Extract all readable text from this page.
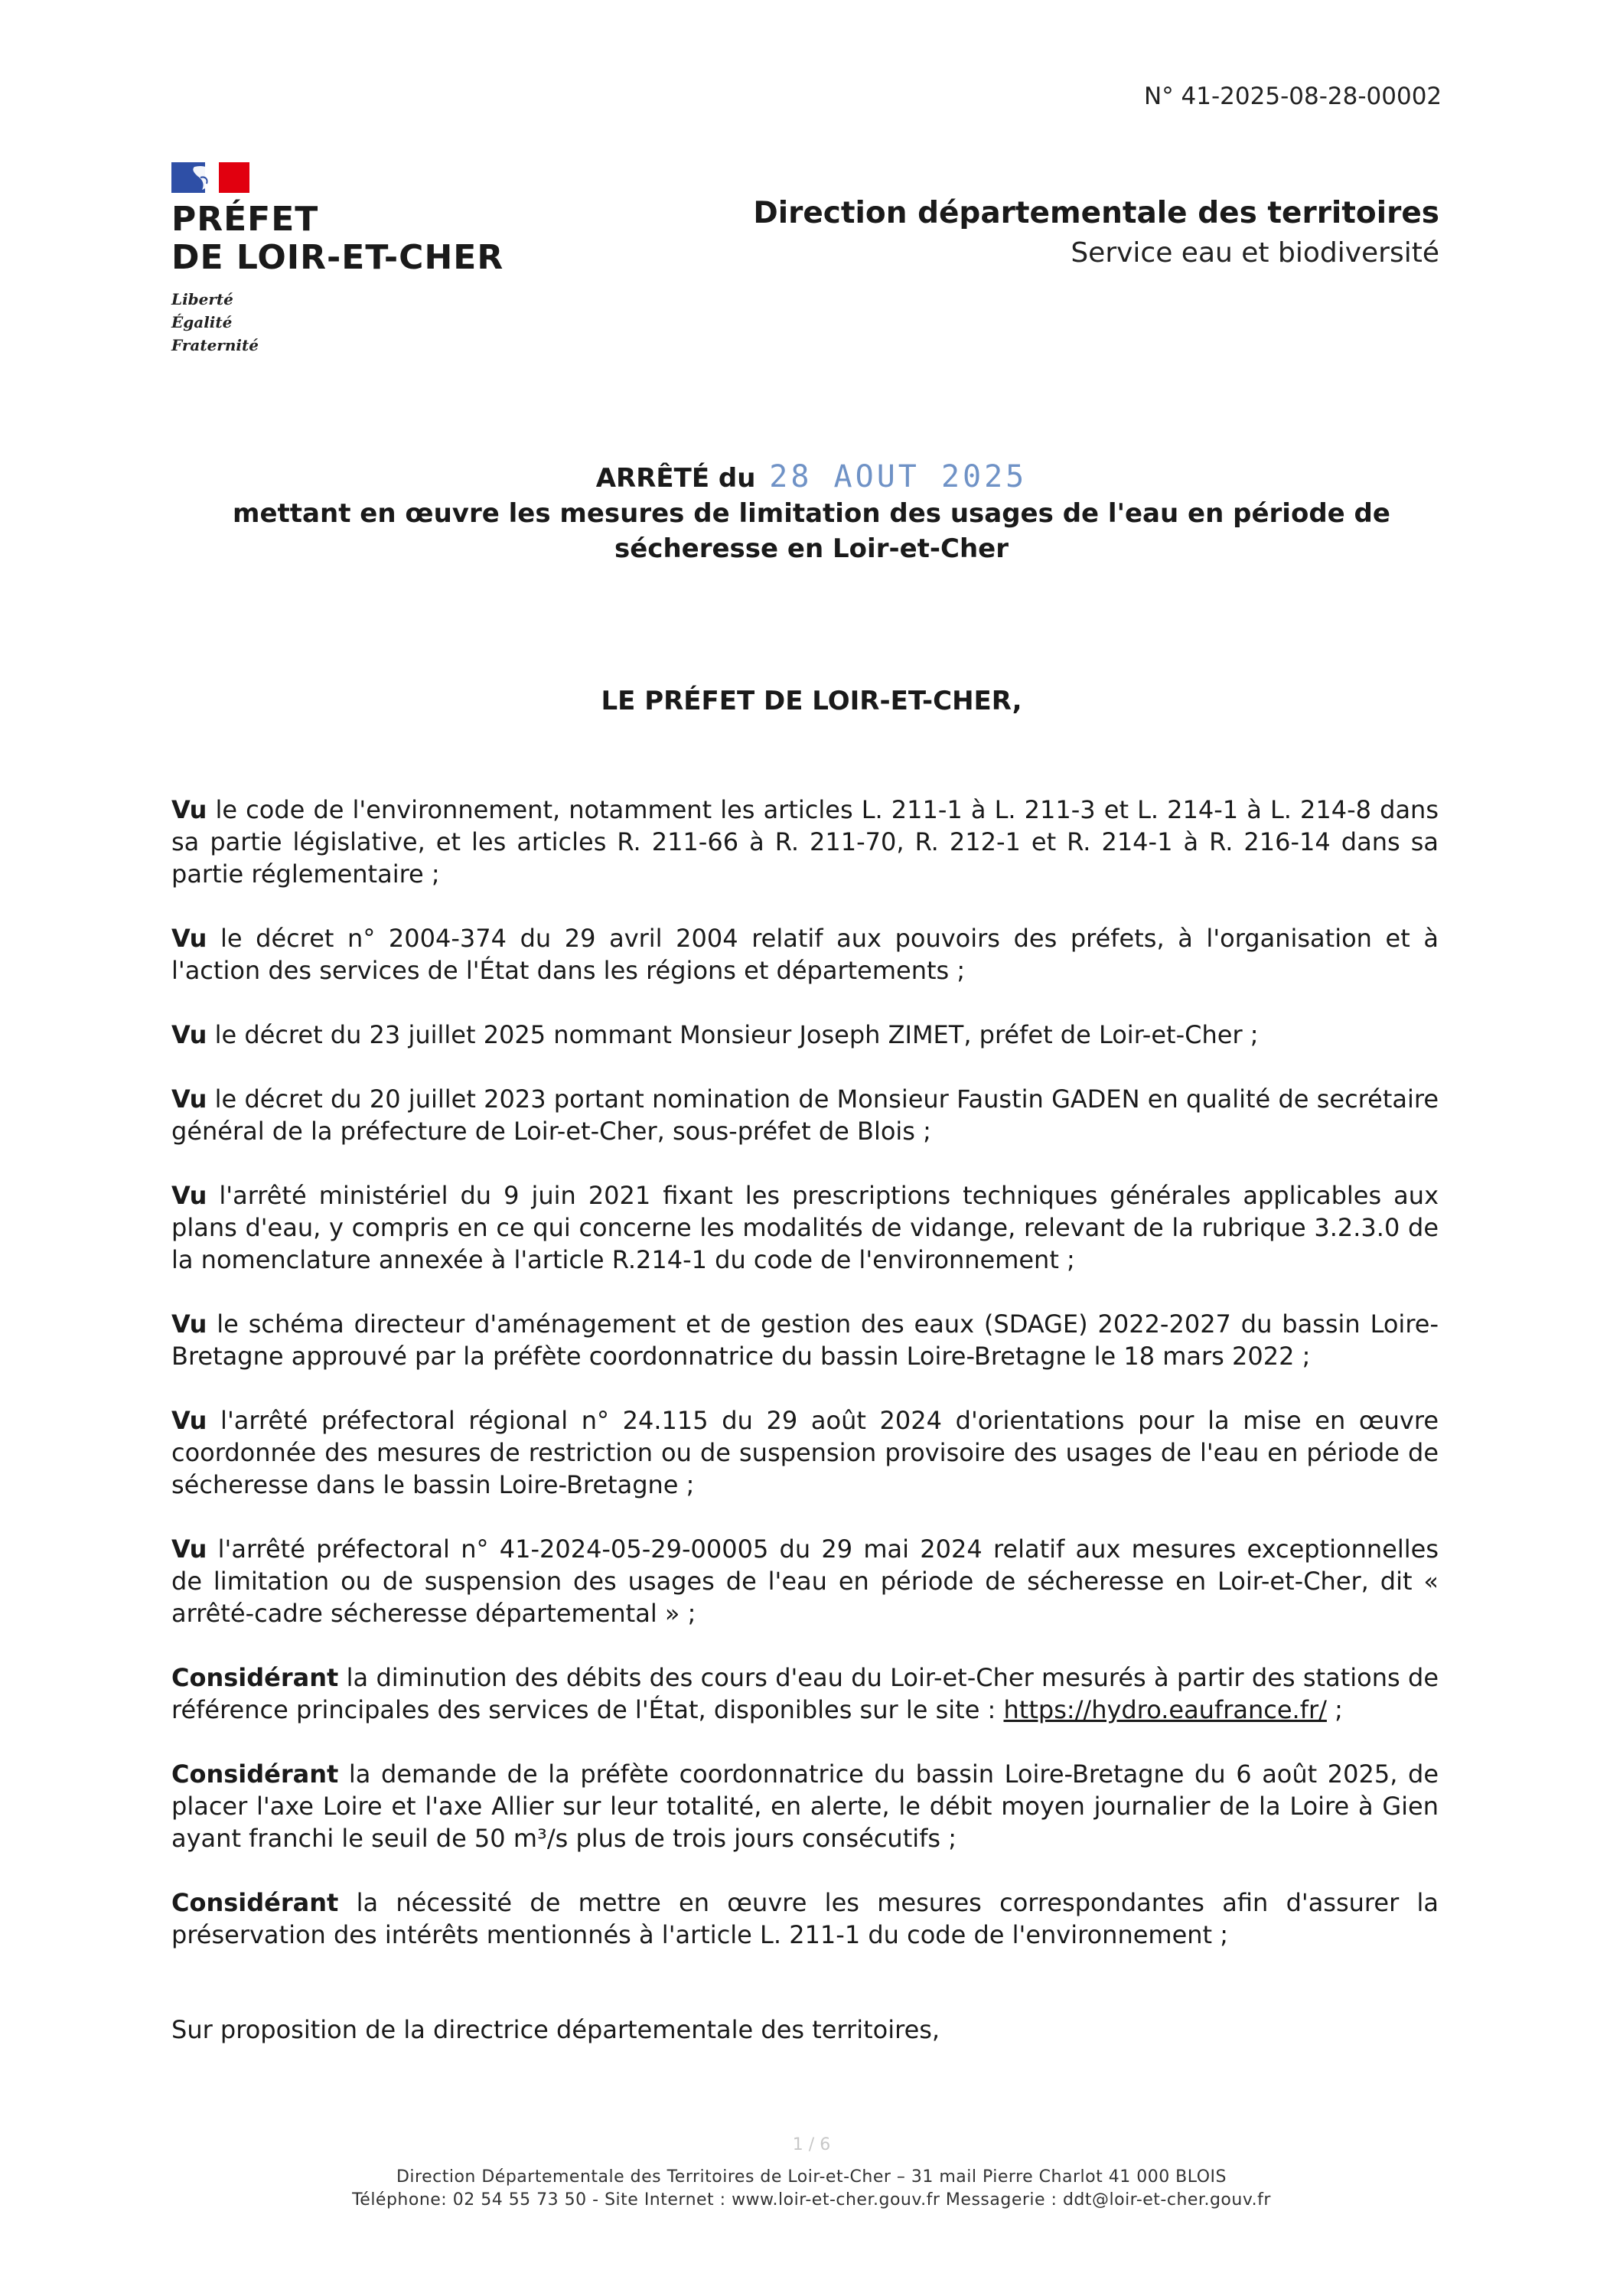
N° 41-2025-08-28-00002
PRÉFET
DE LOIR-ET-CHER
Liberté
Égalité
Fraternité
Direction départementale des territoires
Service eau et biodiversité
ARRÊTÉ du 28 AOUT 2025
mettant en œuvre les mesures de limitation des usages de l'eau en période de
sécheresse en Loir-et-Cher
LE PRÉFET DE LOIR-ET-CHER,

Vu le code de l'environnement, notamment les articles L. 211-1 à L. 211-3 et L. 214-1 à L. 214-8 dans sa partie législative, et les articles R. 211-66 à R. 211-70, R. 212-1 et R. 214-1 à R. 216-14 dans sa partie réglementaire ;

Vu le décret n° 2004-374 du 29 avril 2004 relatif aux pouvoirs des préfets, à l'organisation et à l'action des services de l'État dans les régions et départements ;

Vu le décret du 23 juillet 2025 nommant Monsieur Joseph ZIMET, préfet de Loir-et-Cher ;

Vu le décret du 20 juillet 2023 portant nomination de Monsieur Faustin GADEN en qualité de secrétaire général de la préfecture de Loir-et-Cher, sous-préfet de Blois ;

Vu l'arrêté ministériel du 9 juin 2021 fixant les prescriptions techniques générales applicables aux plans d'eau, y compris en ce qui concerne les modalités de vidange, relevant de la rubrique 3.2.3.0 de la nomenclature annexée à l'article R.214-1 du code de l'environnement ;

Vu le schéma directeur d'aménagement et de gestion des eaux (SDAGE) 2022-2027 du bassin Loire-Bretagne approuvé par la préfète coordonnatrice du bassin Loire-Bretagne le 18 mars 2022 ;

Vu l'arrêté préfectoral régional n° 24.115 du 29 août 2024 d'orientations pour la mise en œuvre coordonnée des mesures de restriction ou de suspension provisoire des usages de l'eau en période de sécheresse dans le bassin Loire-Bretagne ;

Vu l'arrêté préfectoral n° 41-2024-05-29-00005 du 29 mai 2024 relatif aux mesures exceptionnelles de limitation ou de suspension des usages de l'eau en période de sécheresse en Loir-et-Cher, dit « arrêté-cadre sécheresse départemental » ;

Considérant la diminution des débits des cours d'eau du Loir-et-Cher mesurés à partir des stations de référence principales des services de l'État, disponibles sur le site : https://hydro.eaufrance.fr/ ;

Considérant la demande de la préfète coordonnatrice du bassin Loire-Bretagne du 6 août 2025, de placer l'axe Loire et l'axe Allier sur leur totalité, en alerte, le débit moyen journalier de la Loire à Gien ayant franchi le seuil de 50 m³/s plus de trois jours consécutifs ;

Considérant la nécessité de mettre en œuvre les mesures correspondantes afin d'assurer la préservation des intérêts mentionnés à l'article L. 211-1 du code de l'environnement ;

Sur proposition de la directrice départementale des territoires,
1 / 6
Direction Départementale des Territoires de Loir-et-Cher – 31 mail Pierre Charlot 41 000 BLOIS
Téléphone: 02 54 55 73 50 - Site Internet : www.loir-et-cher.gouv.fr Messagerie : ddt@loir-et-cher.gouv.fr
